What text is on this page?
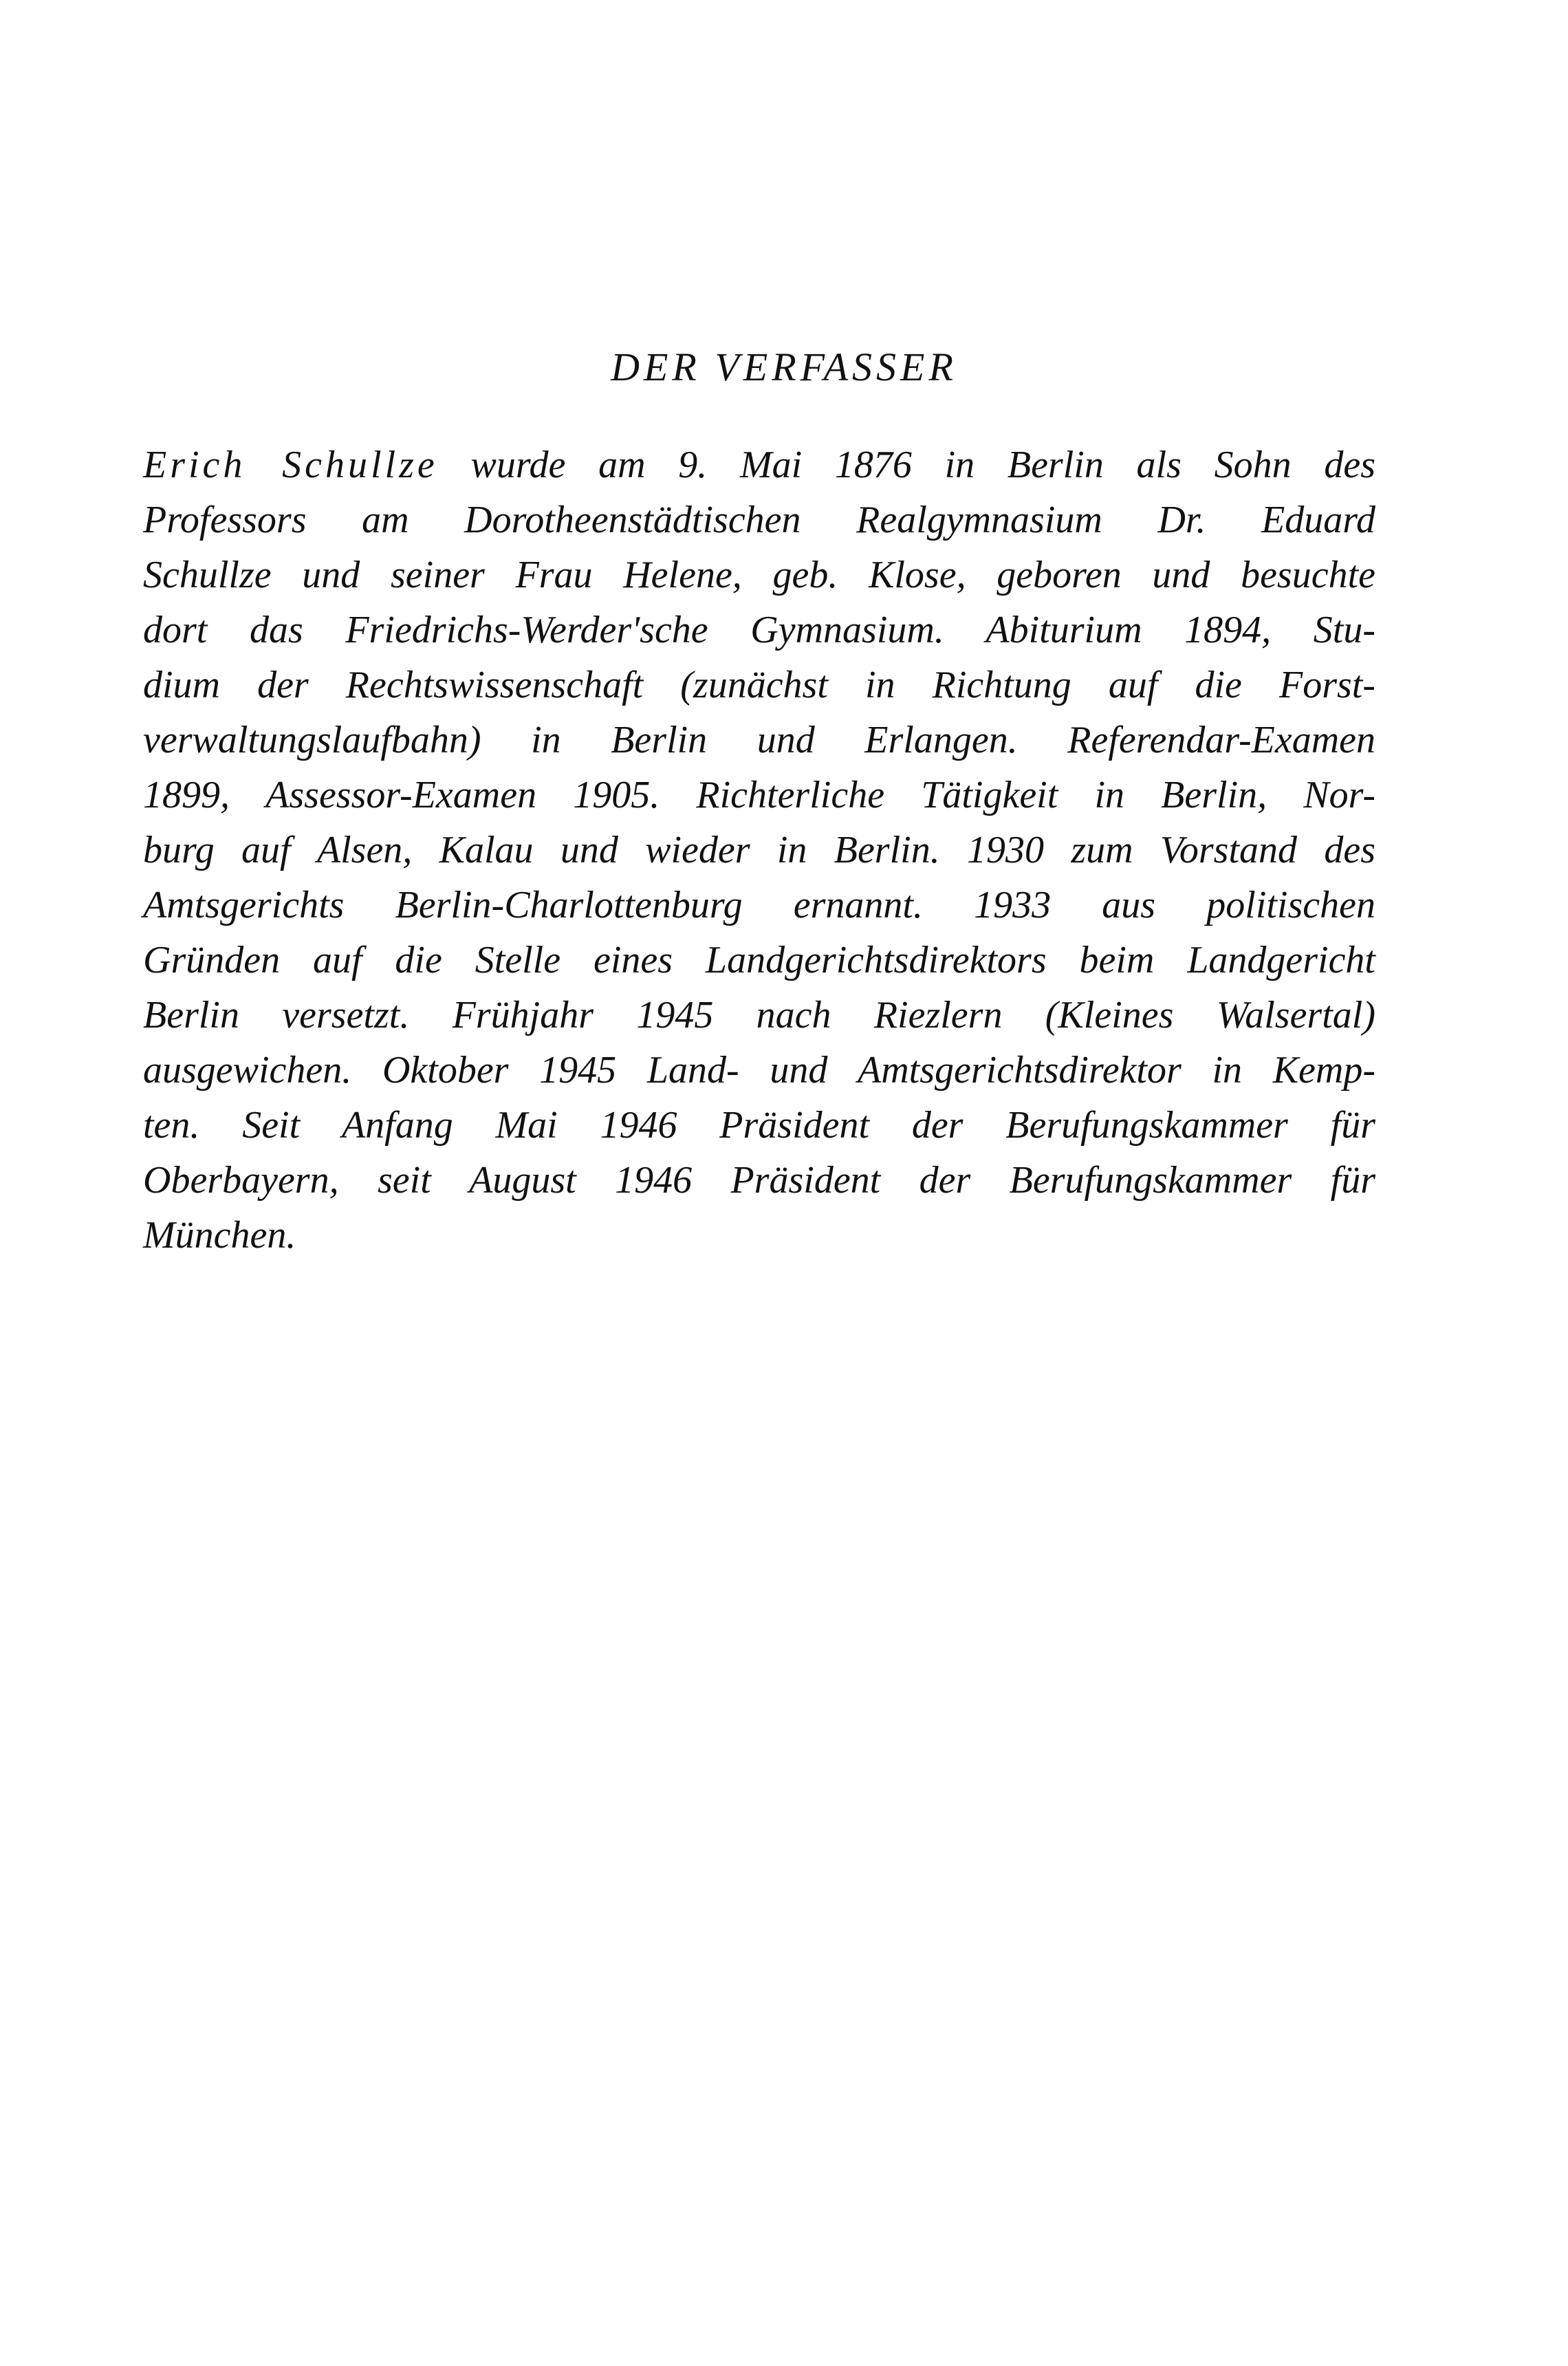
DER VERFASSER
Erich Schullze wurde am 9. Mai 1876 in Berlin als Sohn des
Professors am Dorotheenstädtischen Realgymnasium Dr. Eduard
Schullze und seiner Frau Helene, geb. Klose, geboren und besuchte
dort das Friedrichs-Werder'sche Gymnasium. Abiturium 1894, Stu-
dium der Rechtswissenschaft (zunächst in Richtung auf die Forst-
verwaltungslaufbahn) in Berlin und Erlangen. Referendar-Examen
1899, Assessor-Examen 1905. Richterliche Tätigkeit in Berlin, Nor-
burg auf Alsen, Kalau und wieder in Berlin. 1930 zum Vorstand des
Amtsgerichts Berlin-Charlottenburg ernannt. 1933 aus politischen
Gründen auf die Stelle eines Landgerichtsdirektors beim Landgericht
Berlin versetzt. Frühjahr 1945 nach Riezlern (Kleines Walsertal)
ausgewichen. Oktober 1945 Land- und Amtsgerichtsdirektor in Kemp-
ten. Seit Anfang Mai 1946 Präsident der Berufungskammer für
Oberbayern, seit August 1946 Präsident der Berufungskammer für
München.
